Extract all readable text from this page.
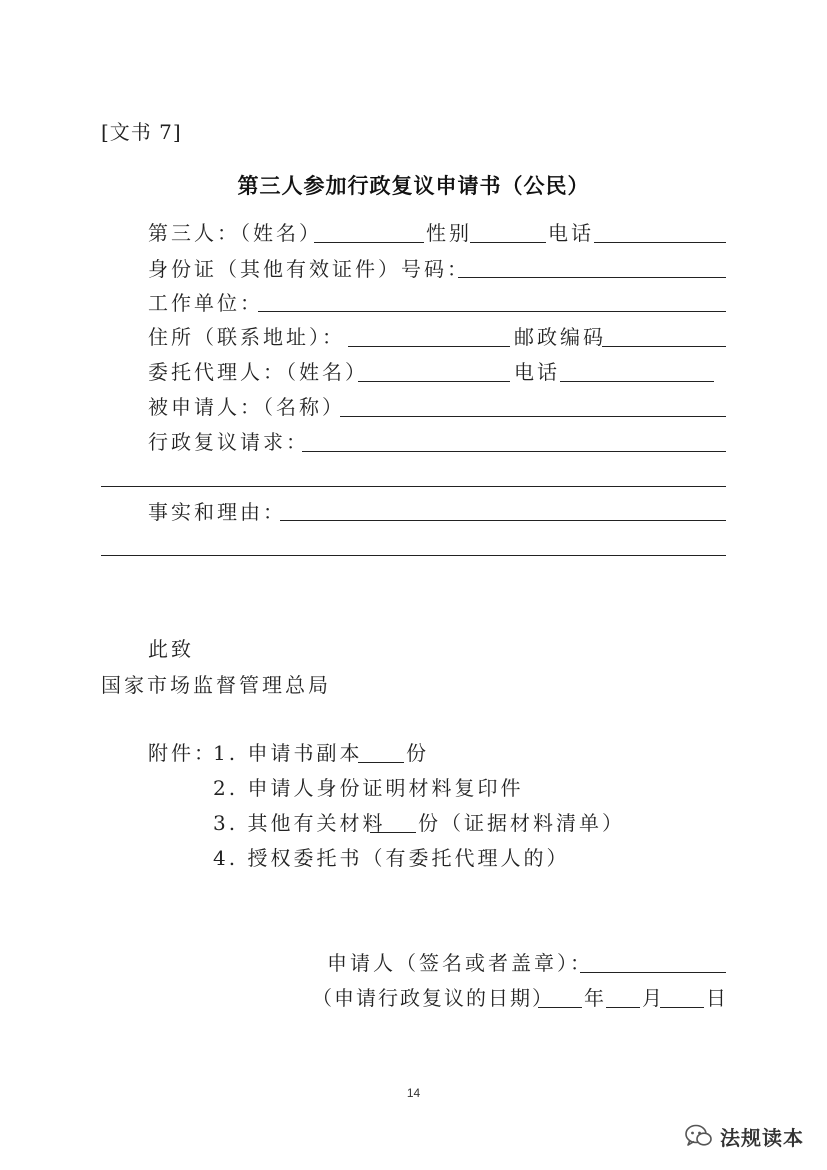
[文书 7]
第三人参加行政复议申请书（公民）
第三人：（姓名）	性别	电话
身份证（其他有效证件）号码：
工作单位：
住所（联系地址）：	邮政编码
委托代理人：（姓名）	电话
被申请人：（名称）
行政复议请求：
事实和理由：
此致
国家市场监督管理总局
附件：
1. 申请书副本 份
2. 申请人身份证明材料复印件
3. 其他有关材料 份（证据材料清单）
4. 授权委托书（有委托代理人的）
申请人（签名或者盖章）：
（申请行政复议的日期） 年 月 日
14
法规读本
